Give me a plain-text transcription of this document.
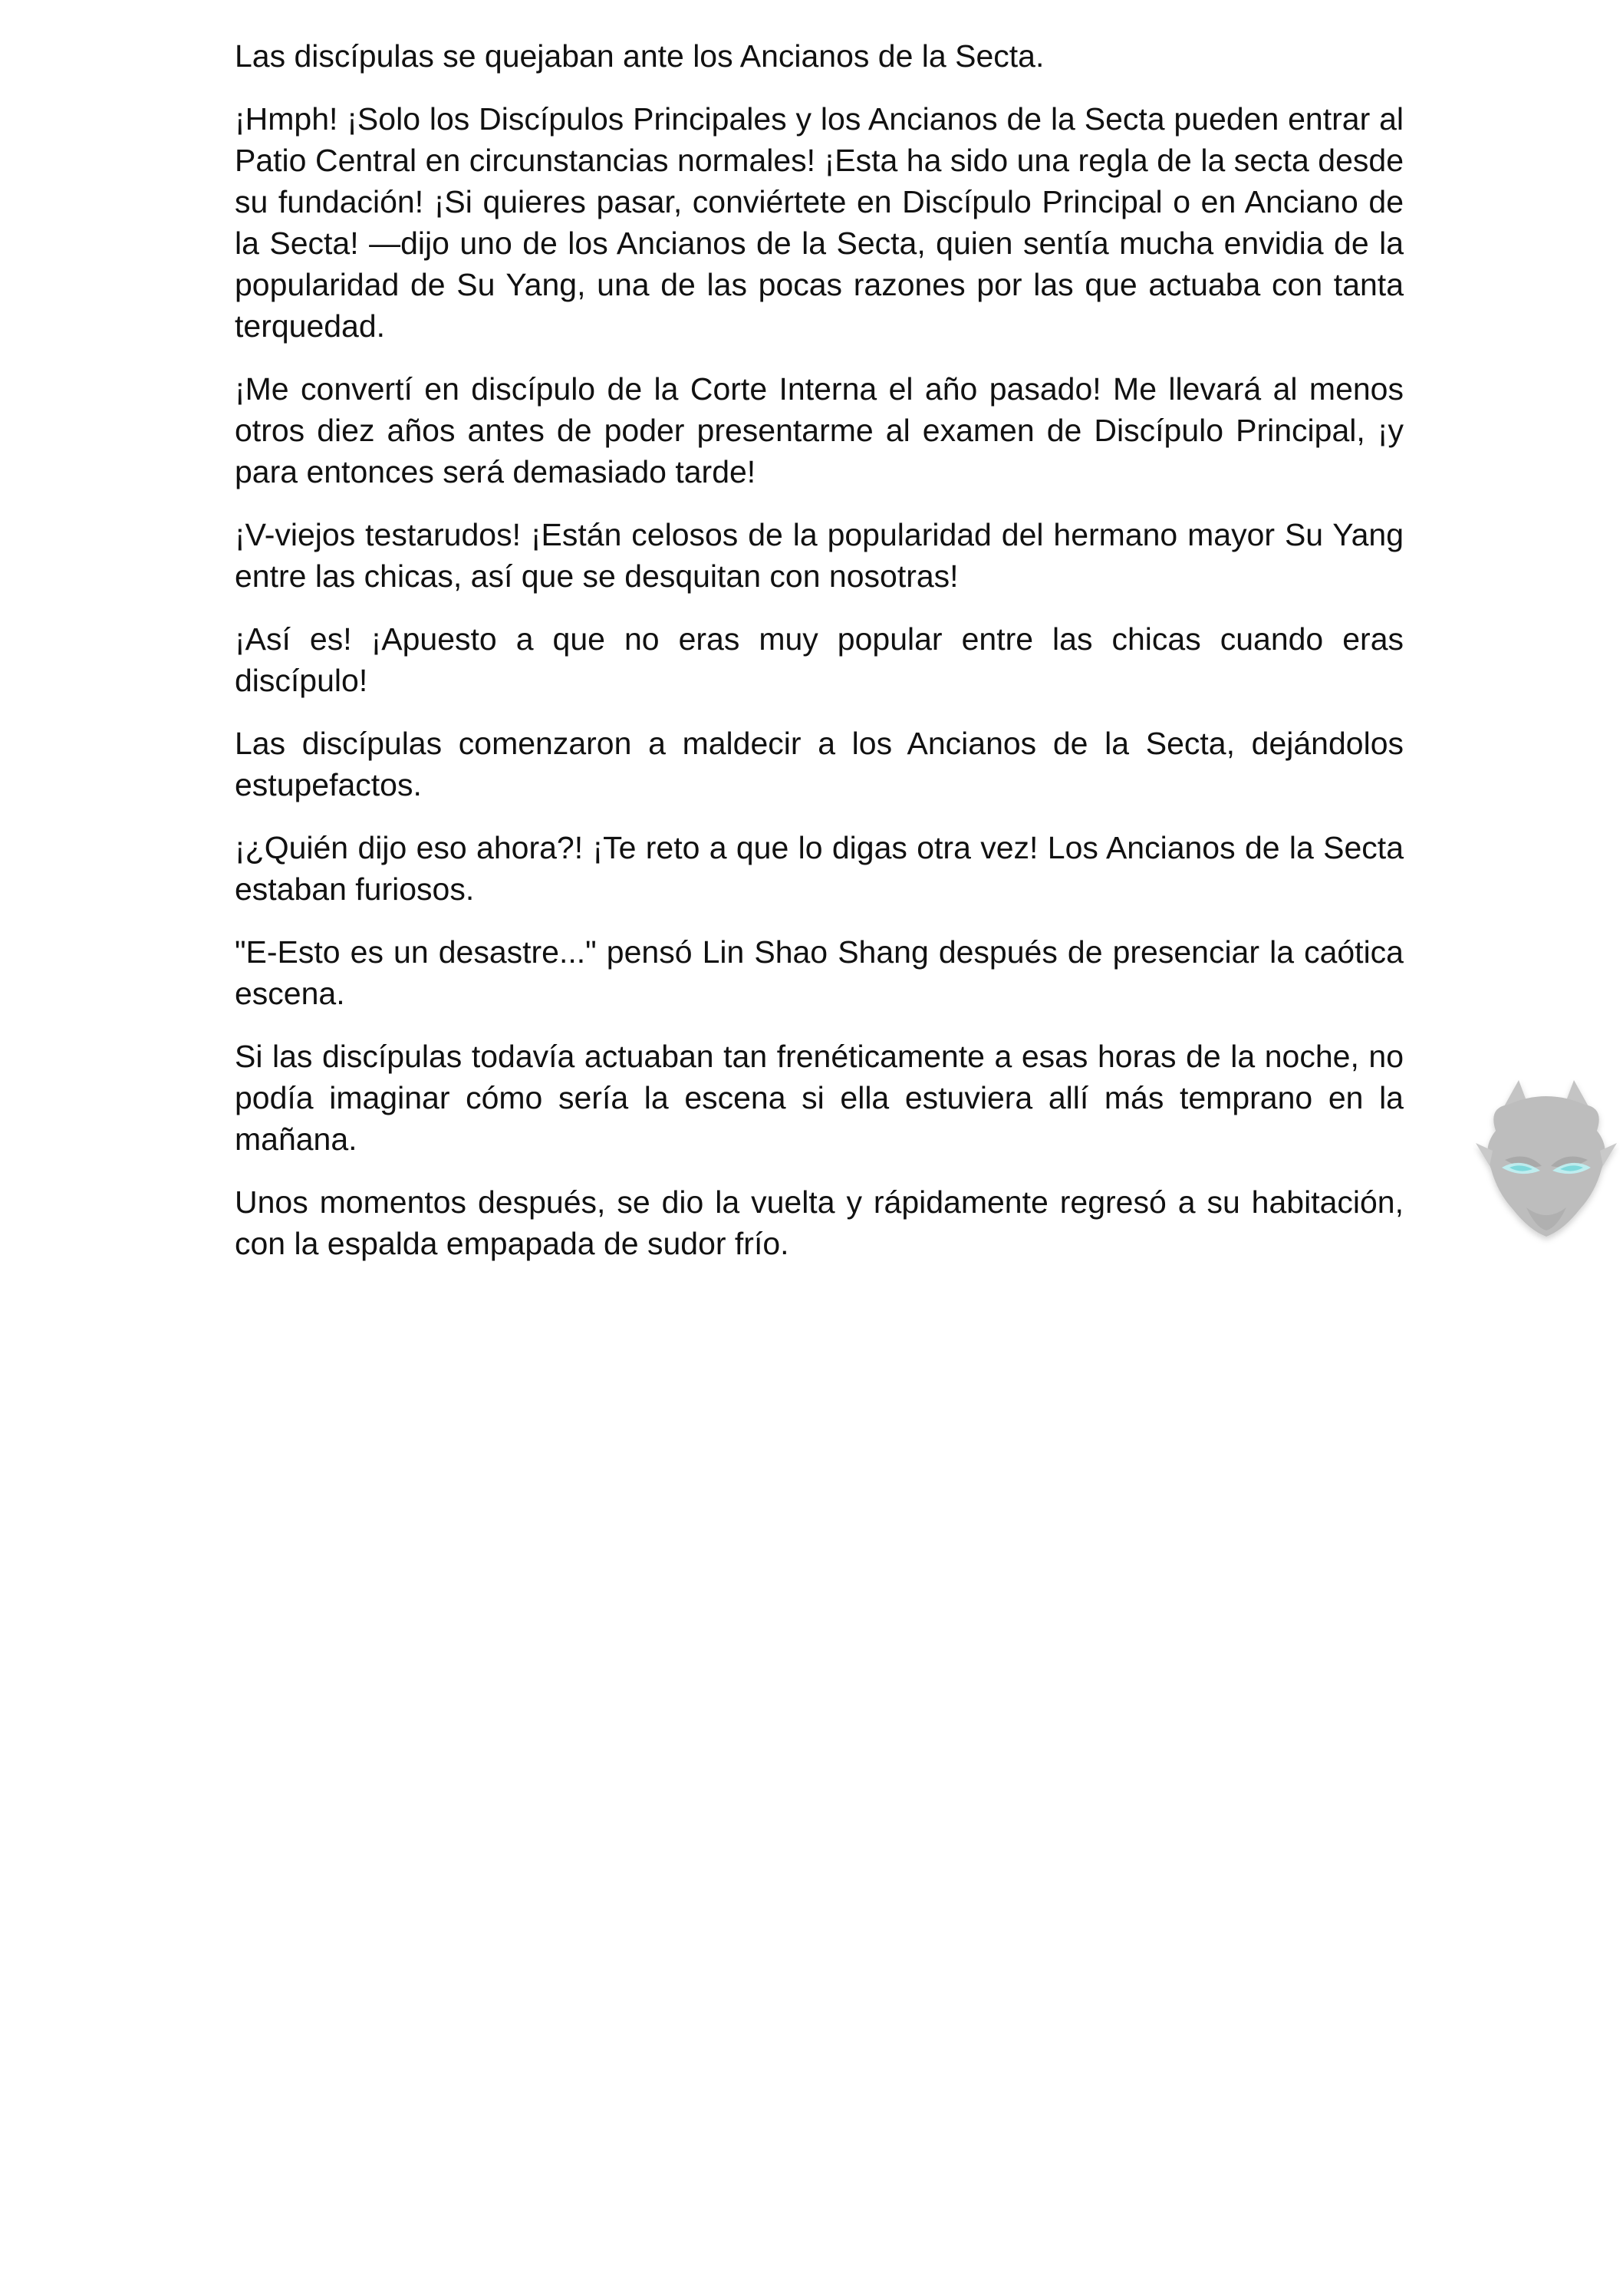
Las discípulas se quejaban ante los Ancianos de la Secta.

¡Hmph! ¡Solo los Discípulos Principales y los Ancianos de la Secta pueden entrar al Patio Central en circunstancias normales! ¡Esta ha sido una regla de la secta desde su fundación! ¡Si quieres pasar, conviértete en Discípulo Principal o en Anciano de la Secta! —dijo uno de los Ancianos de la Secta, quien sentía mucha envidia de la popularidad de Su Yang, una de las pocas razones por las que actuaba con tanta terquedad.

¡Me convertí en discípulo de la Corte Interna el año pasado! Me llevará al menos otros diez años antes de poder presentarme al examen de Discípulo Principal, ¡y para entonces será demasiado tarde!

¡V-viejos testarudos! ¡Están celosos de la popularidad del hermano mayor Su Yang entre las chicas, así que se desquitan con nosotras!

¡Así es! ¡Apuesto a que no eras muy popular entre las chicas cuando eras discípulo!

Las discípulas comenzaron a maldecir a los Ancianos de la Secta, dejándolos estupefactos.

¡¿Quién dijo eso ahora?! ¡Te reto a que lo digas otra vez! Los Ancianos de la Secta estaban furiosos.

"E-Esto es un desastre..." pensó Lin Shao Shang después de presenciar la caótica escena.

Si las discípulas todavía actuaban tan frenéticamente a esas horas de la noche, no podía imaginar cómo sería la escena si ella estuviera allí más temprano en la mañana.

Unos momentos después, se dio la vuelta y rápidamente regresó a su habitación, con la espalda empapada de sudor frío.
